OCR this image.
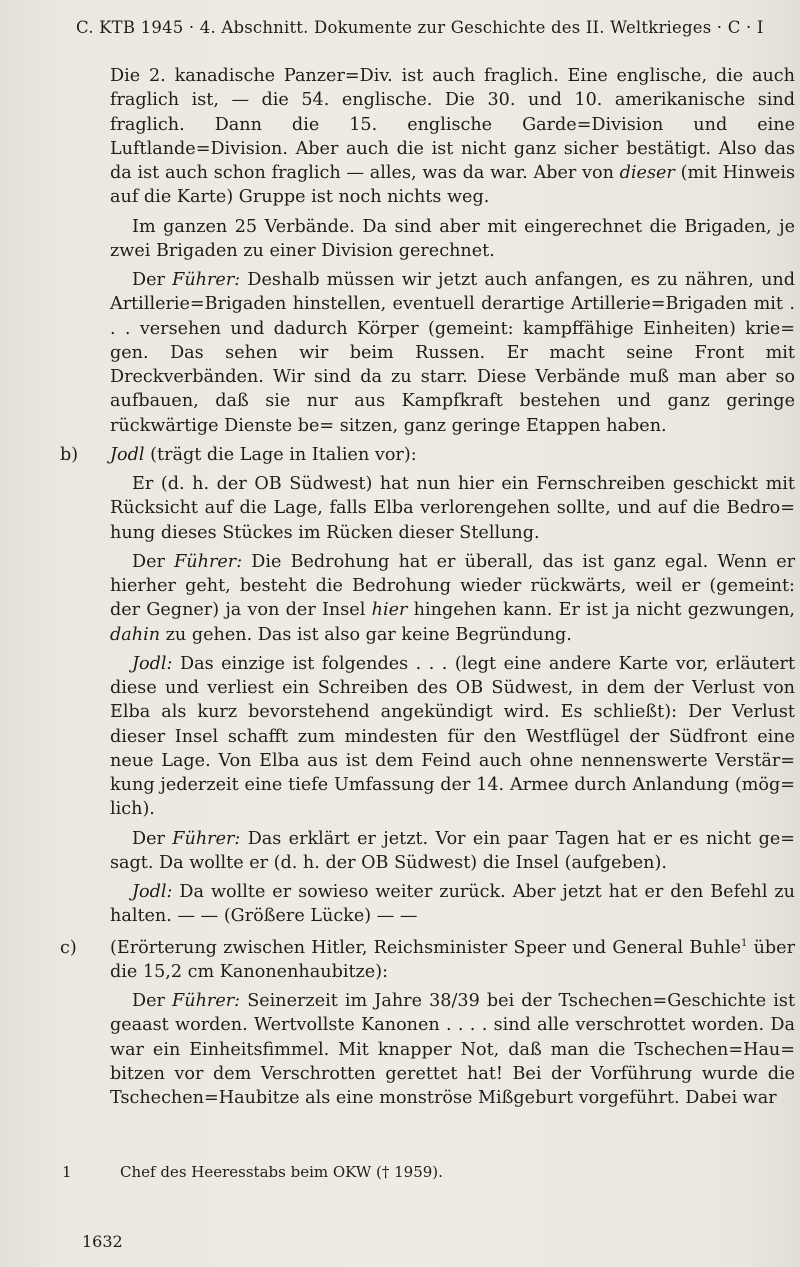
C. KTB 1945 · 4. Abschnitt. Dokumente zur Geschichte des II. Weltkrieges · C · I

Die 2. kanadische Panzer=Div. ist auch fraglich. Eine englische, die auch fraglich ist, — die 54. englische. Die 30. und 10. amerikanische sind fraglich. Dann die 15. englische Garde=Division und eine Luftlande=Division. Aber auch die ist nicht ganz sicher bestätigt. Also das da ist auch schon fraglich — alles, was da war. Aber von dieser (mit Hinweis auf die Karte) Gruppe ist noch nichts weg.

Im ganzen 25 Verbände. Da sind aber mit eingerechnet die Brigaden, je zwei Brigaden zu einer Division gerechnet.

Der Führer: Deshalb müssen wir jetzt auch anfangen, es zu nähren, und Artillerie=Brigaden hinstellen, eventuell derartige Artillerie=Brigaden mit . . . versehen und dadurch Körper (gemeint: kampffähige Einheiten) krie= gen. Das sehen wir beim Russen. Er macht seine Front mit Dreckverbänden. Wir sind da zu starr. Diese Verbände muß man aber so aufbauen, daß sie nur aus Kampfkraft bestehen und ganz geringe rückwärtige Dienste be= sitzen, ganz geringe Etappen haben.

b)	Jodl (trägt die Lage in Italien vor):

Er (d. h. der OB Südwest) hat nun hier ein Fernschreiben geschickt mit Rücksicht auf die Lage, falls Elba verlorengehen sollte, und auf die Bedro= hung dieses Stückes im Rücken dieser Stellung.

Der Führer: Die Bedrohung hat er überall, das ist ganz egal. Wenn er hierher geht, besteht die Bedrohung wieder rückwärts, weil er (gemeint: der Gegner) ja von der Insel hier hingehen kann. Er ist ja nicht gezwungen, dahin zu gehen. Das ist also gar keine Begründung.

Jodl: Das einzige ist folgendes . . . (legt eine andere Karte vor, erläutert diese und verliest ein Schreiben des OB Südwest, in dem der Verlust von Elba als kurz bevorstehend angekündigt wird. Es schließt): Der Verlust dieser Insel schafft zum mindesten für den Westflügel der Südfront eine neue Lage. Von Elba aus ist dem Feind auch ohne nennenswerte Verstär= kung jederzeit eine tiefe Umfassung der 14. Armee durch Anlandung (mög= lich).

Der Führer: Das erklärt er jetzt. Vor ein paar Tagen hat er es nicht ge= sagt. Da wollte er (d. h. der OB Südwest) die Insel (aufgeben).

Jodl: Da wollte er sowieso weiter zurück. Aber jetzt hat er den Befehl zu halten. — — (Größere Lücke) — —

c)	(Erörterung zwischen Hitler, Reichsminister Speer und General Buhle$^1$ über die 15,2 cm Kanonenhaubitze):

Der Führer: Seinerzeit im Jahre 38/39 bei der Tschechen=Geschichte ist geaast worden. Wertvollste Kanonen . . . . sind alle verschrottet worden. Da war ein Einheitsfimmel. Mit knapper Not, daß man die Tschechen=Hau= bitzen vor dem Verschrotten gerettet hat! Bei der Vorführung wurde die Tschechen=Haubitze als eine monströse Mißgeburt vorgeführt. Dabei war

1	Chef des Heeresstabs beim OKW († 1959).
1632
